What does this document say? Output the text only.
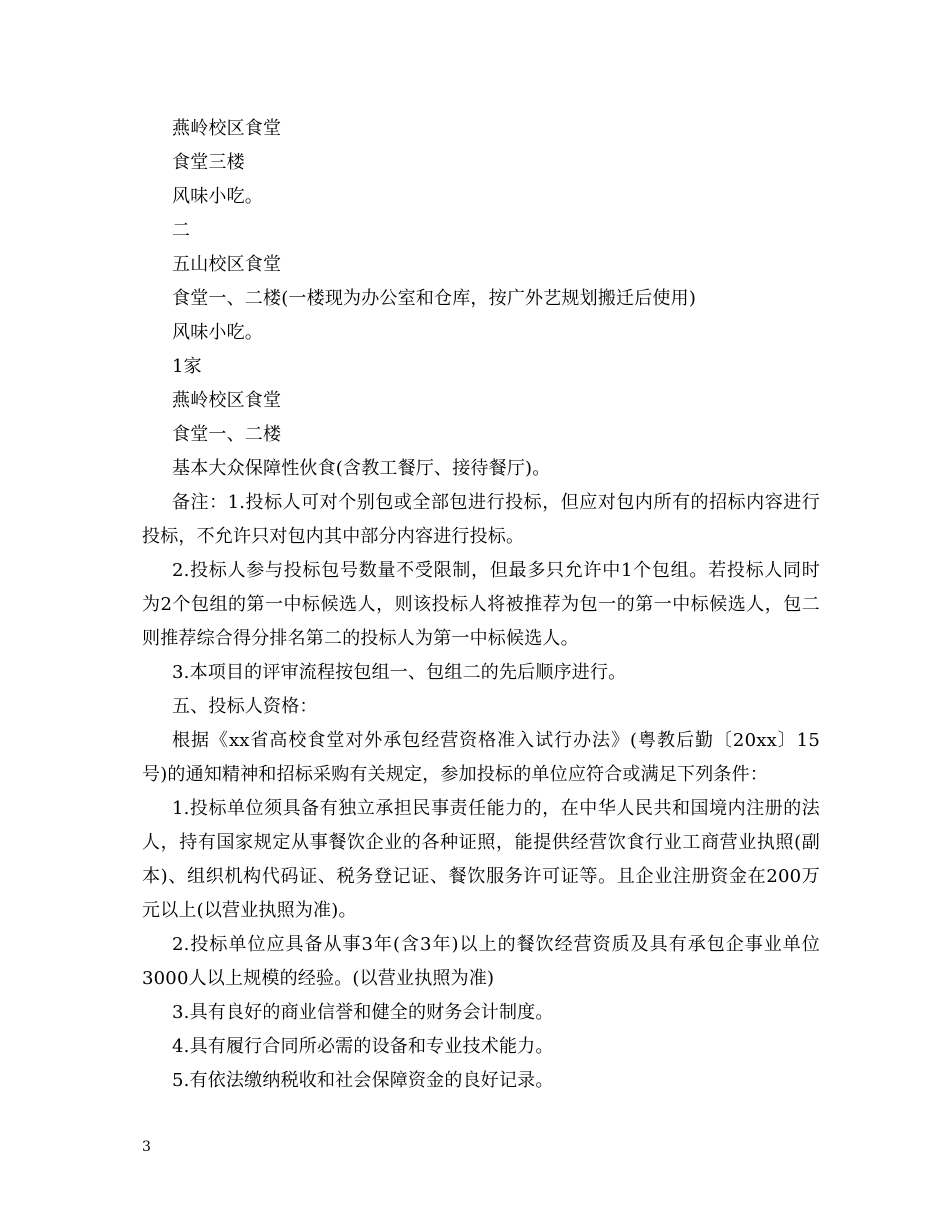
燕岭校区食堂

食堂三楼

风味小吃。

二

五山校区食堂

食堂一、二楼(一楼现为办公室和仓库，按广外艺规划搬迁后使用)

风味小吃。

1家

燕岭校区食堂

食堂一、二楼

基本大众保障性伙食(含教工餐厅、接待餐厅)。

备注：1.投标人可对个别包或全部包进行投标，但应对包内所有的招标内容进行投标，不允许只对包内其中部分内容进行投标。

2.投标人参与投标包号数量不受限制，但最多只允许中1个包组。若投标人同时为2个包组的第一中标候选人，则该投标人将被推荐为包一的第一中标候选人，包二则推荐综合得分排名第二的投标人为第一中标候选人。

3.本项目的评审流程按包组一、包组二的先后顺序进行。

五、投标人资格：

根据《xx省高校食堂对外承包经营资格准入试行办法》(粤教后勤〔20xx〕15号)的通知精神和招标采购有关规定，参加投标的单位应符合或满足下列条件：

1.投标单位须具备有独立承担民事责任能力的，在中华人民共和国境内注册的法人，持有国家规定从事餐饮企业的各种证照，能提供经营饮食行业工商营业执照(副本)、组织机构代码证、税务登记证、餐饮服务许可证等。且企业注册资金在200万元以上(以营业执照为准)。

2.投标单位应具备从事3年(含3年)以上的餐饮经营资质及具有承包企事业单位3000人以上规模的经验。(以营业执照为准)

3.具有良好的商业信誉和健全的财务会计制度。

4.具有履行合同所必需的设备和专业技术能力。

5.有依法缴纳税收和社会保障资金的良好记录。

3
